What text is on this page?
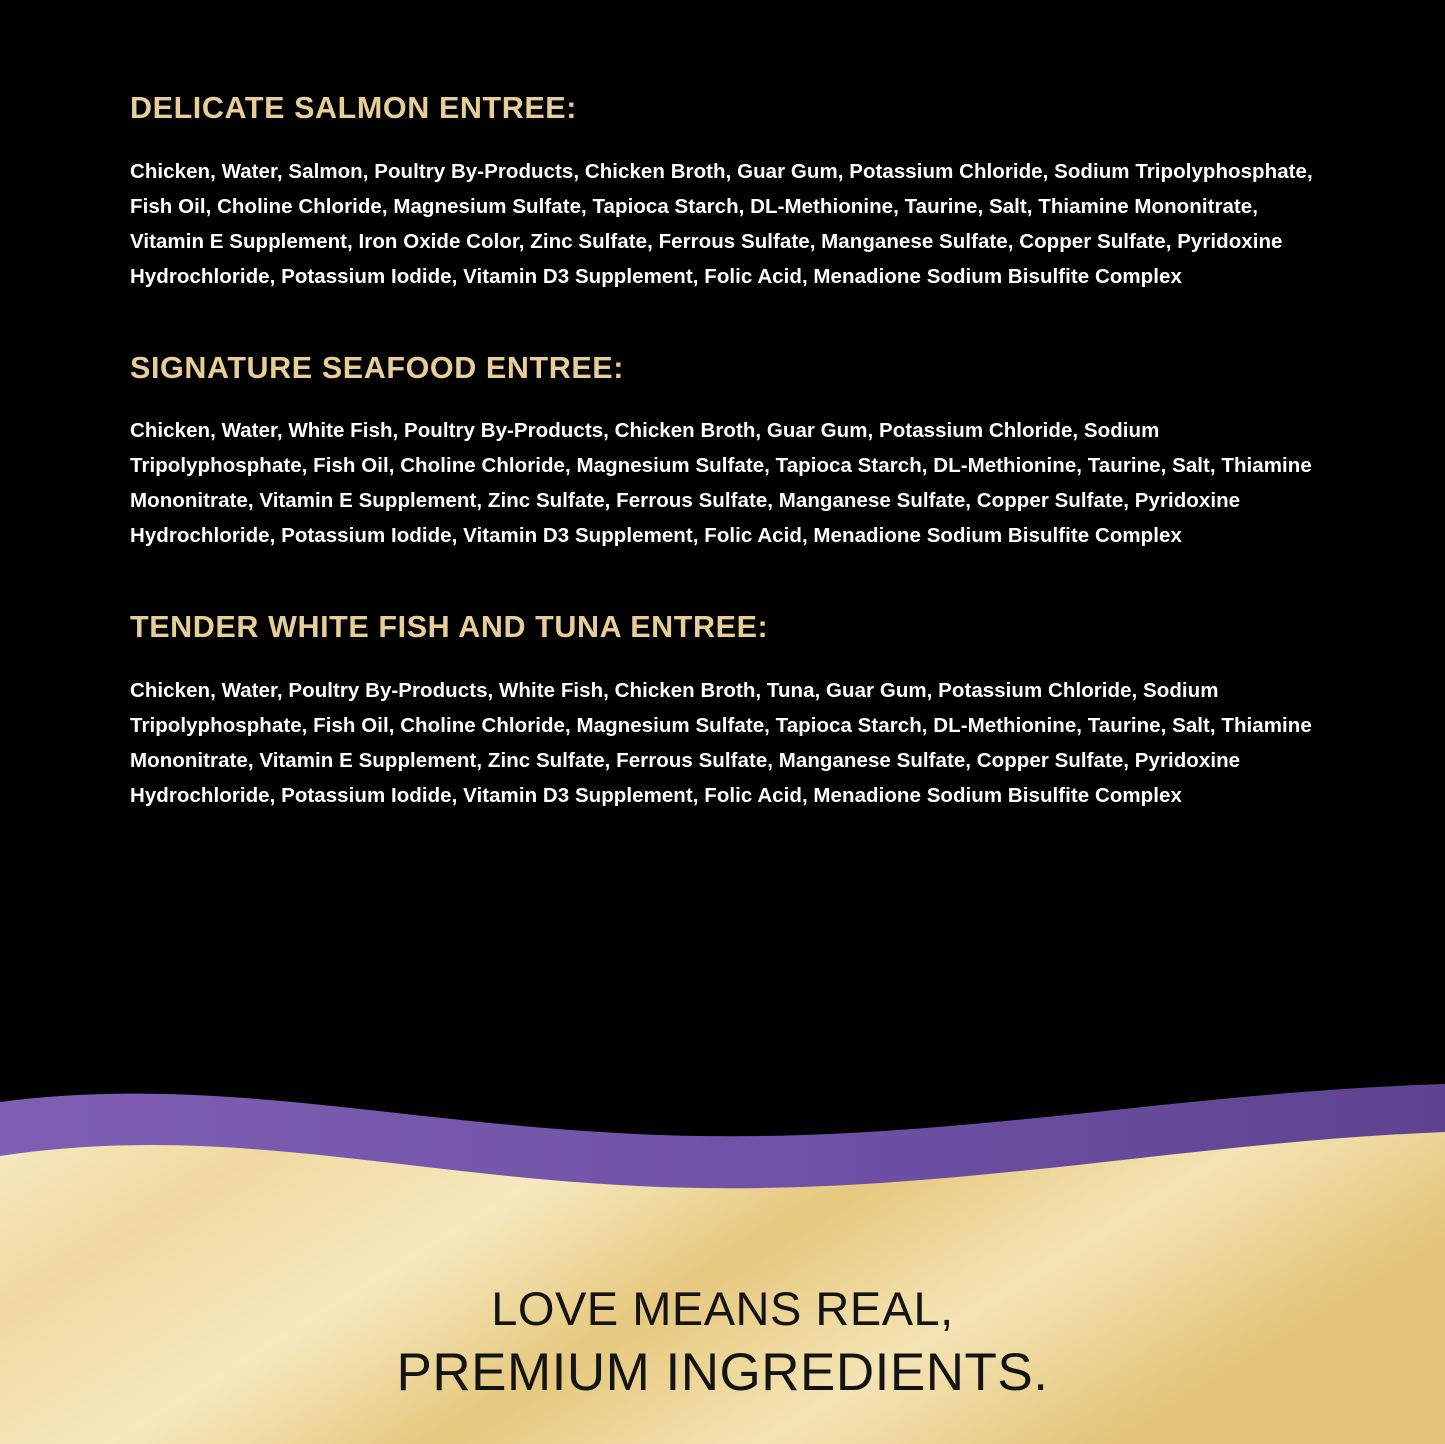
DELICATE SALMON ENTREE:

Chicken, Water, Salmon, Poultry By-Products, Chicken Broth, Guar Gum, Potassium Chloride, Sodium Tripolyphosphate, Fish Oil, Choline Chloride, Magnesium Sulfate, Tapioca Starch, DL-Methionine, Taurine, Salt, Thiamine Mononitrate, Vitamin E Supplement, Iron Oxide Color, Zinc Sulfate, Ferrous Sulfate, Manganese Sulfate, Copper Sulfate, Pyridoxine Hydrochloride, Potassium Iodide, Vitamin D3 Supplement, Folic Acid, Menadione Sodium Bisulfite Complex

SIGNATURE SEAFOOD ENTREE:

Chicken, Water, White Fish, Poultry By-Products, Chicken Broth, Guar Gum, Potassium Chloride, Sodium Tripolyphosphate, Fish Oil, Choline Chloride, Magnesium Sulfate, Tapioca Starch, DL-Methionine, Taurine, Salt, Thiamine Mononitrate, Vitamin E Supplement, Zinc Sulfate, Ferrous Sulfate, Manganese Sulfate, Copper Sulfate, Pyridoxine Hydrochloride, Potassium Iodide, Vitamin D3 Supplement, Folic Acid, Menadione Sodium Bisulfite Complex

TENDER WHITE FISH AND TUNA ENTREE:

Chicken, Water, Poultry By-Products, White Fish, Chicken Broth, Tuna, Guar Gum, Potassium Chloride, Sodium Tripolyphosphate, Fish Oil, Choline Chloride, Magnesium Sulfate, Tapioca Starch, DL-Methionine, Taurine, Salt, Thiamine Mononitrate, Vitamin E Supplement, Zinc Sulfate, Ferrous Sulfate, Manganese Sulfate, Copper Sulfate, Pyridoxine Hydrochloride, Potassium Iodide, Vitamin D3 Supplement, Folic Acid, Menadione Sodium Bisulfite Complex

LOVE MEANS REAL,
PREMIUM INGREDIENTS.
